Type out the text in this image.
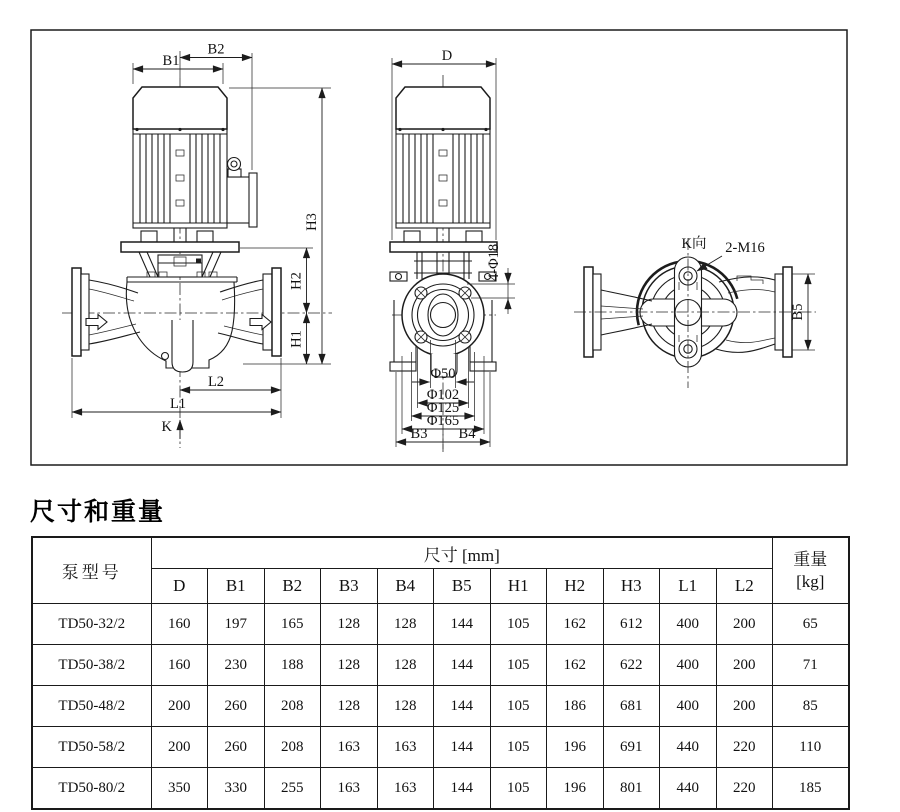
B1
B2
H3
H2
H1
L2
L1
K
D
4-Φ18
Φ50
Φ102
Φ125
Φ165
B3 B4
K向 2-M16
B5
尺寸和重量
泵型号	尺寸 [mm]											重量
[kg]

	D	B1	B2	B3	B4	B5	H1	H2	H3	L1	L2	
TD50-32/2	160	197	165	128	128	144	105	162	612	400	200	65
TD50-38/2	160	230	188	128	128	144	105	162	622	400	200	71
TD50-48/2	200	260	208	128	128	144	105	186	681	400	200	85
TD50-58/2	200	260	208	163	163	144	105	196	691	440	220	110
TD50-80/2	350	330	255	163	163	144	105	196	801	440	220	185
